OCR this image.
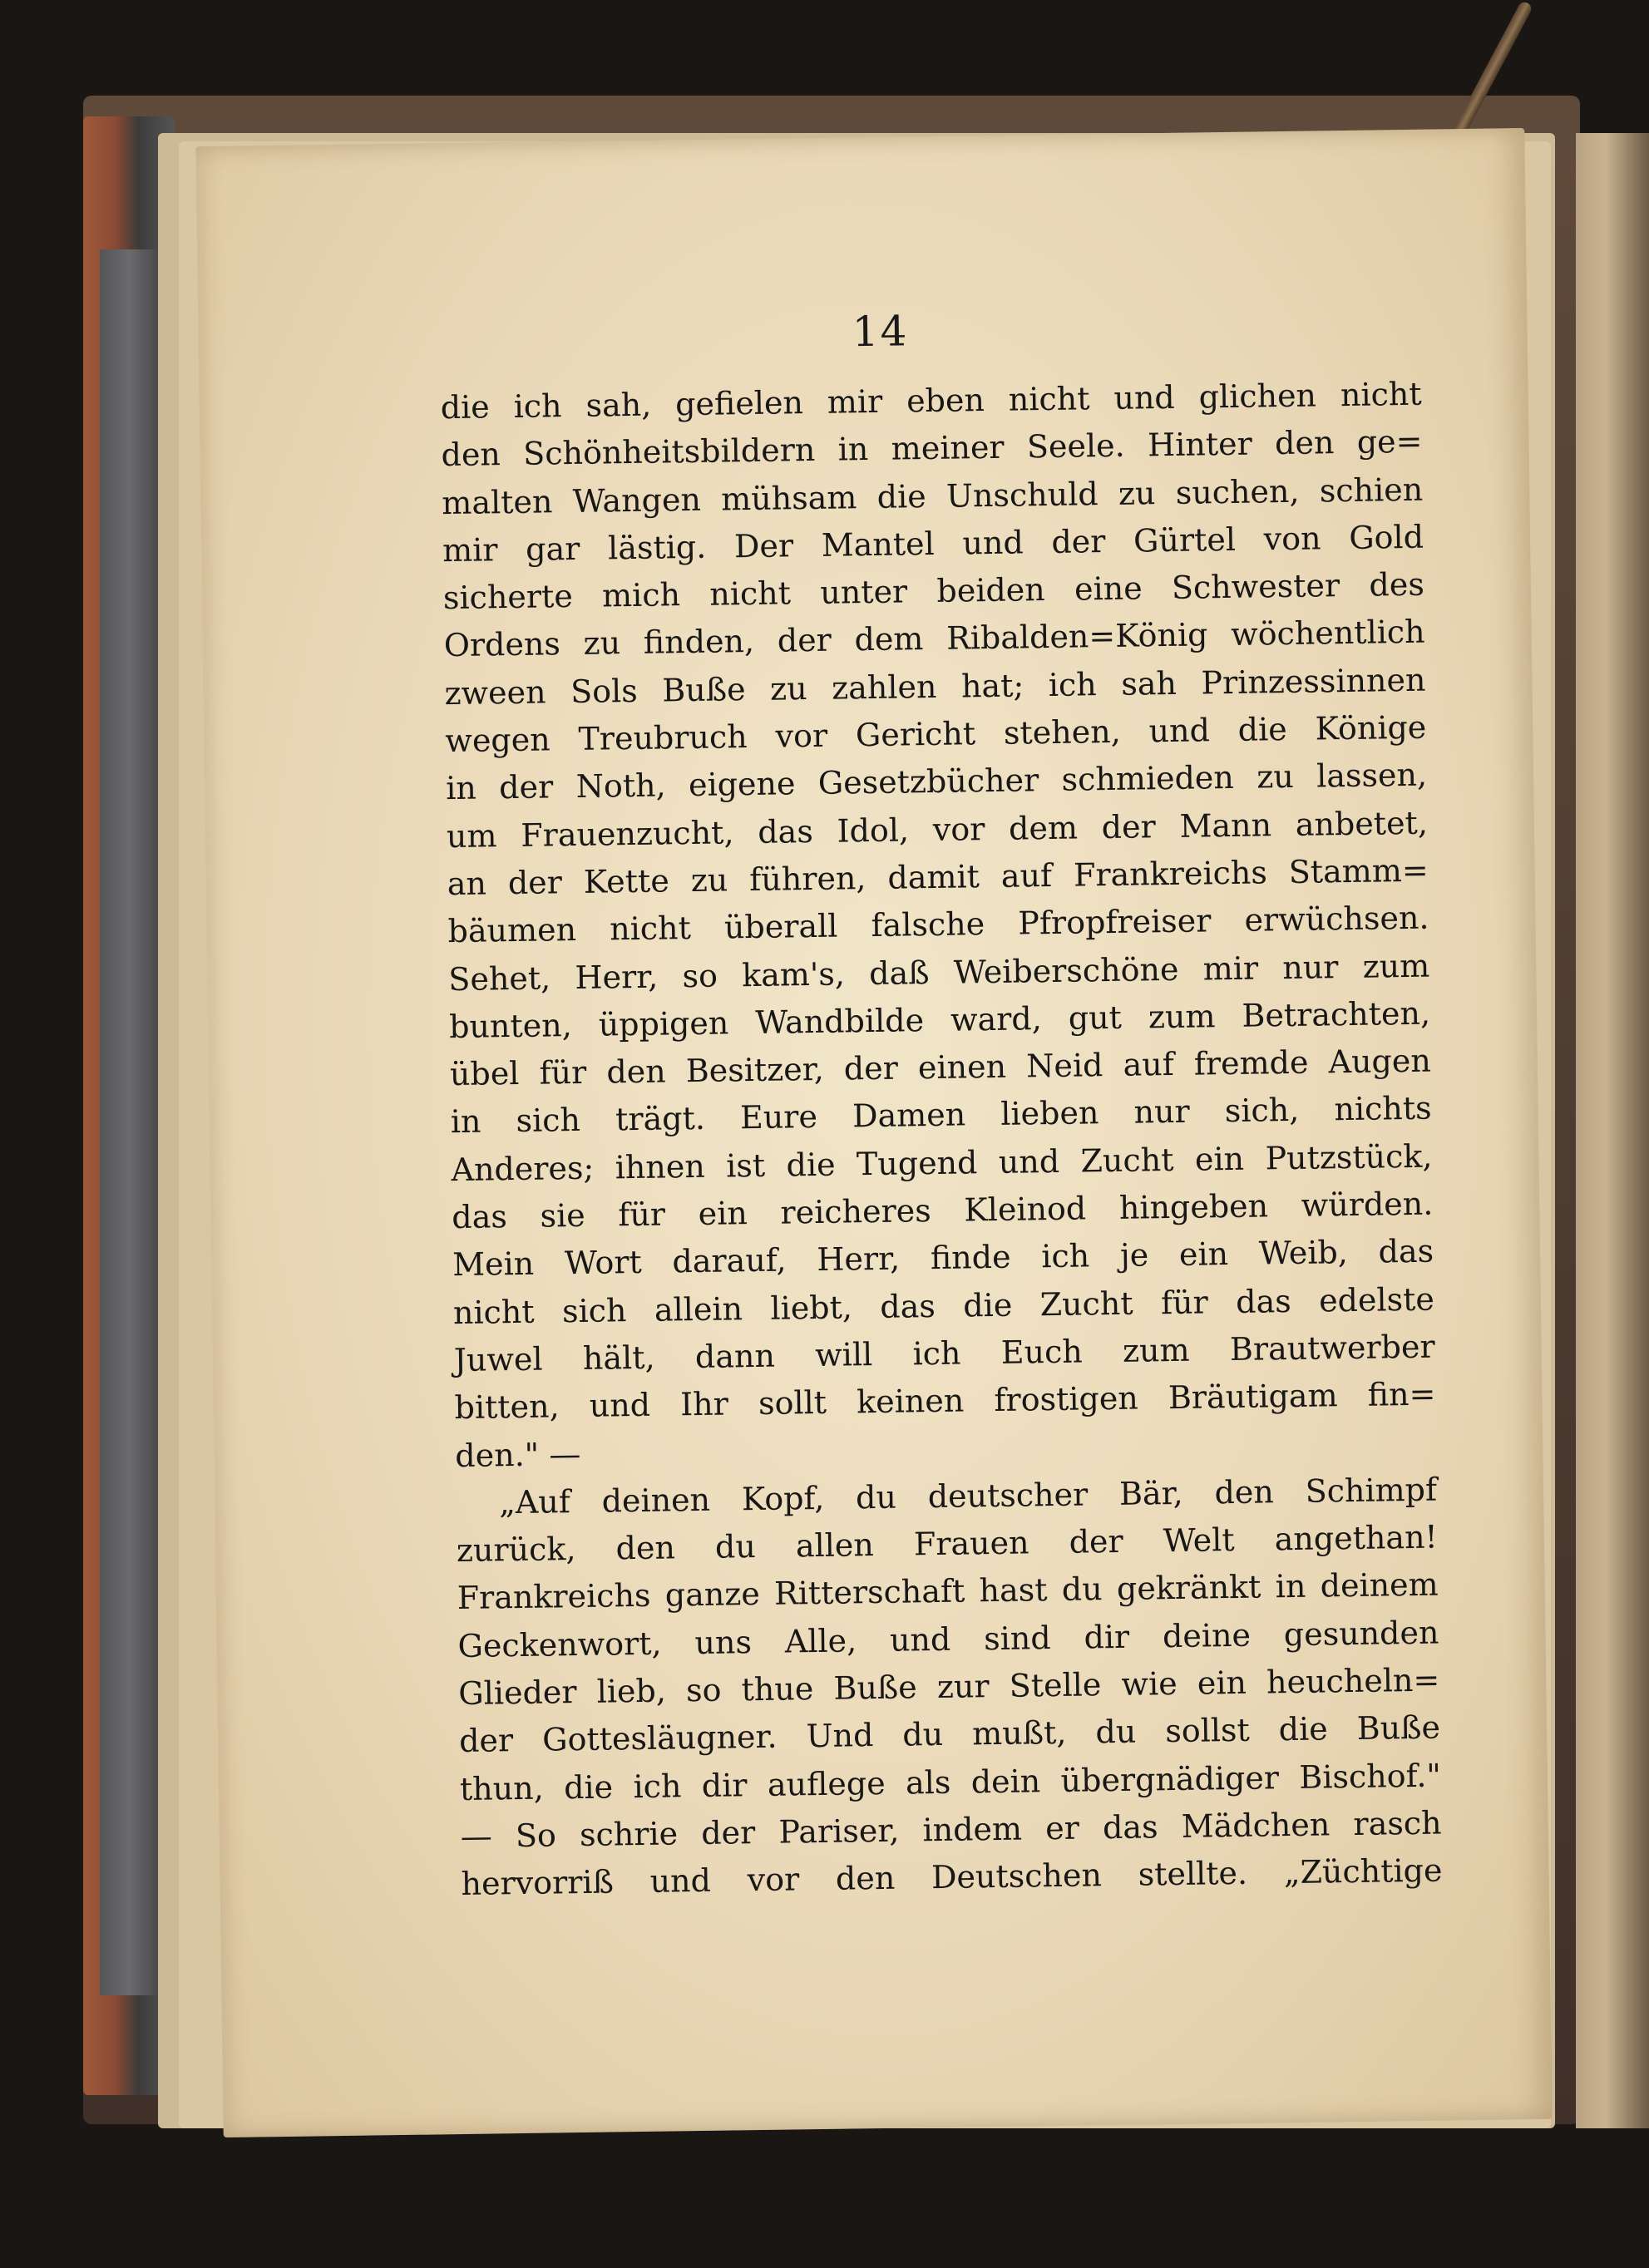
14
die ich sah, gefielen mir eben nicht und glichen nicht
den Schönheitsbildern in meiner Seele. Hinter den ge=
malten Wangen mühsam die Unschuld zu suchen, schien
mir gar lästig. Der Mantel und der Gürtel von Gold
sicherte mich nicht unter beiden eine Schwester des
Ordens zu finden, der dem Ribalden=König wöchentlich
zween Sols Buße zu zahlen hat; ich sah Prinzessinnen
wegen Treubruch vor Gericht stehen, und die Könige
in der Noth, eigene Gesetzbücher schmieden zu lassen,
um Frauenzucht, das Idol, vor dem der Mann anbetet,
an der Kette zu führen, damit auf Frankreichs Stamm=
bäumen nicht überall falsche Pfropfreiser erwüchsen.
Sehet, Herr, so kam's, daß Weiberschöne mir nur zum
bunten, üppigen Wandbilde ward, gut zum Betrachten,
übel für den Besitzer, der einen Neid auf fremde Augen
in sich trägt. Eure Damen lieben nur sich, nichts
Anderes; ihnen ist die Tugend und Zucht ein Putzstück,
das sie für ein reicheres Kleinod hingeben würden.
Mein Wort darauf, Herr, finde ich je ein Weib, das
nicht sich allein liebt, das die Zucht für das edelste
Juwel hält, dann will ich Euch zum Brautwerber
bitten, und Ihr sollt keinen frostigen Bräutigam fin=
den." —
„Auf deinen Kopf, du deutscher Bär, den Schimpf
zurück, den du allen Frauen der Welt angethan!
Frankreichs ganze Ritterschaft hast du gekränkt in deinem
Geckenwort, uns Alle, und sind dir deine gesunden
Glieder lieb, so thue Buße zur Stelle wie ein heucheln=
der Gottesläugner. Und du mußt, du sollst die Buße
thun, die ich dir auflege als dein übergnädiger Bischof."
— So schrie der Pariser, indem er das Mädchen rasch
hervorriß und vor den Deutschen stellte. „Züchtige
